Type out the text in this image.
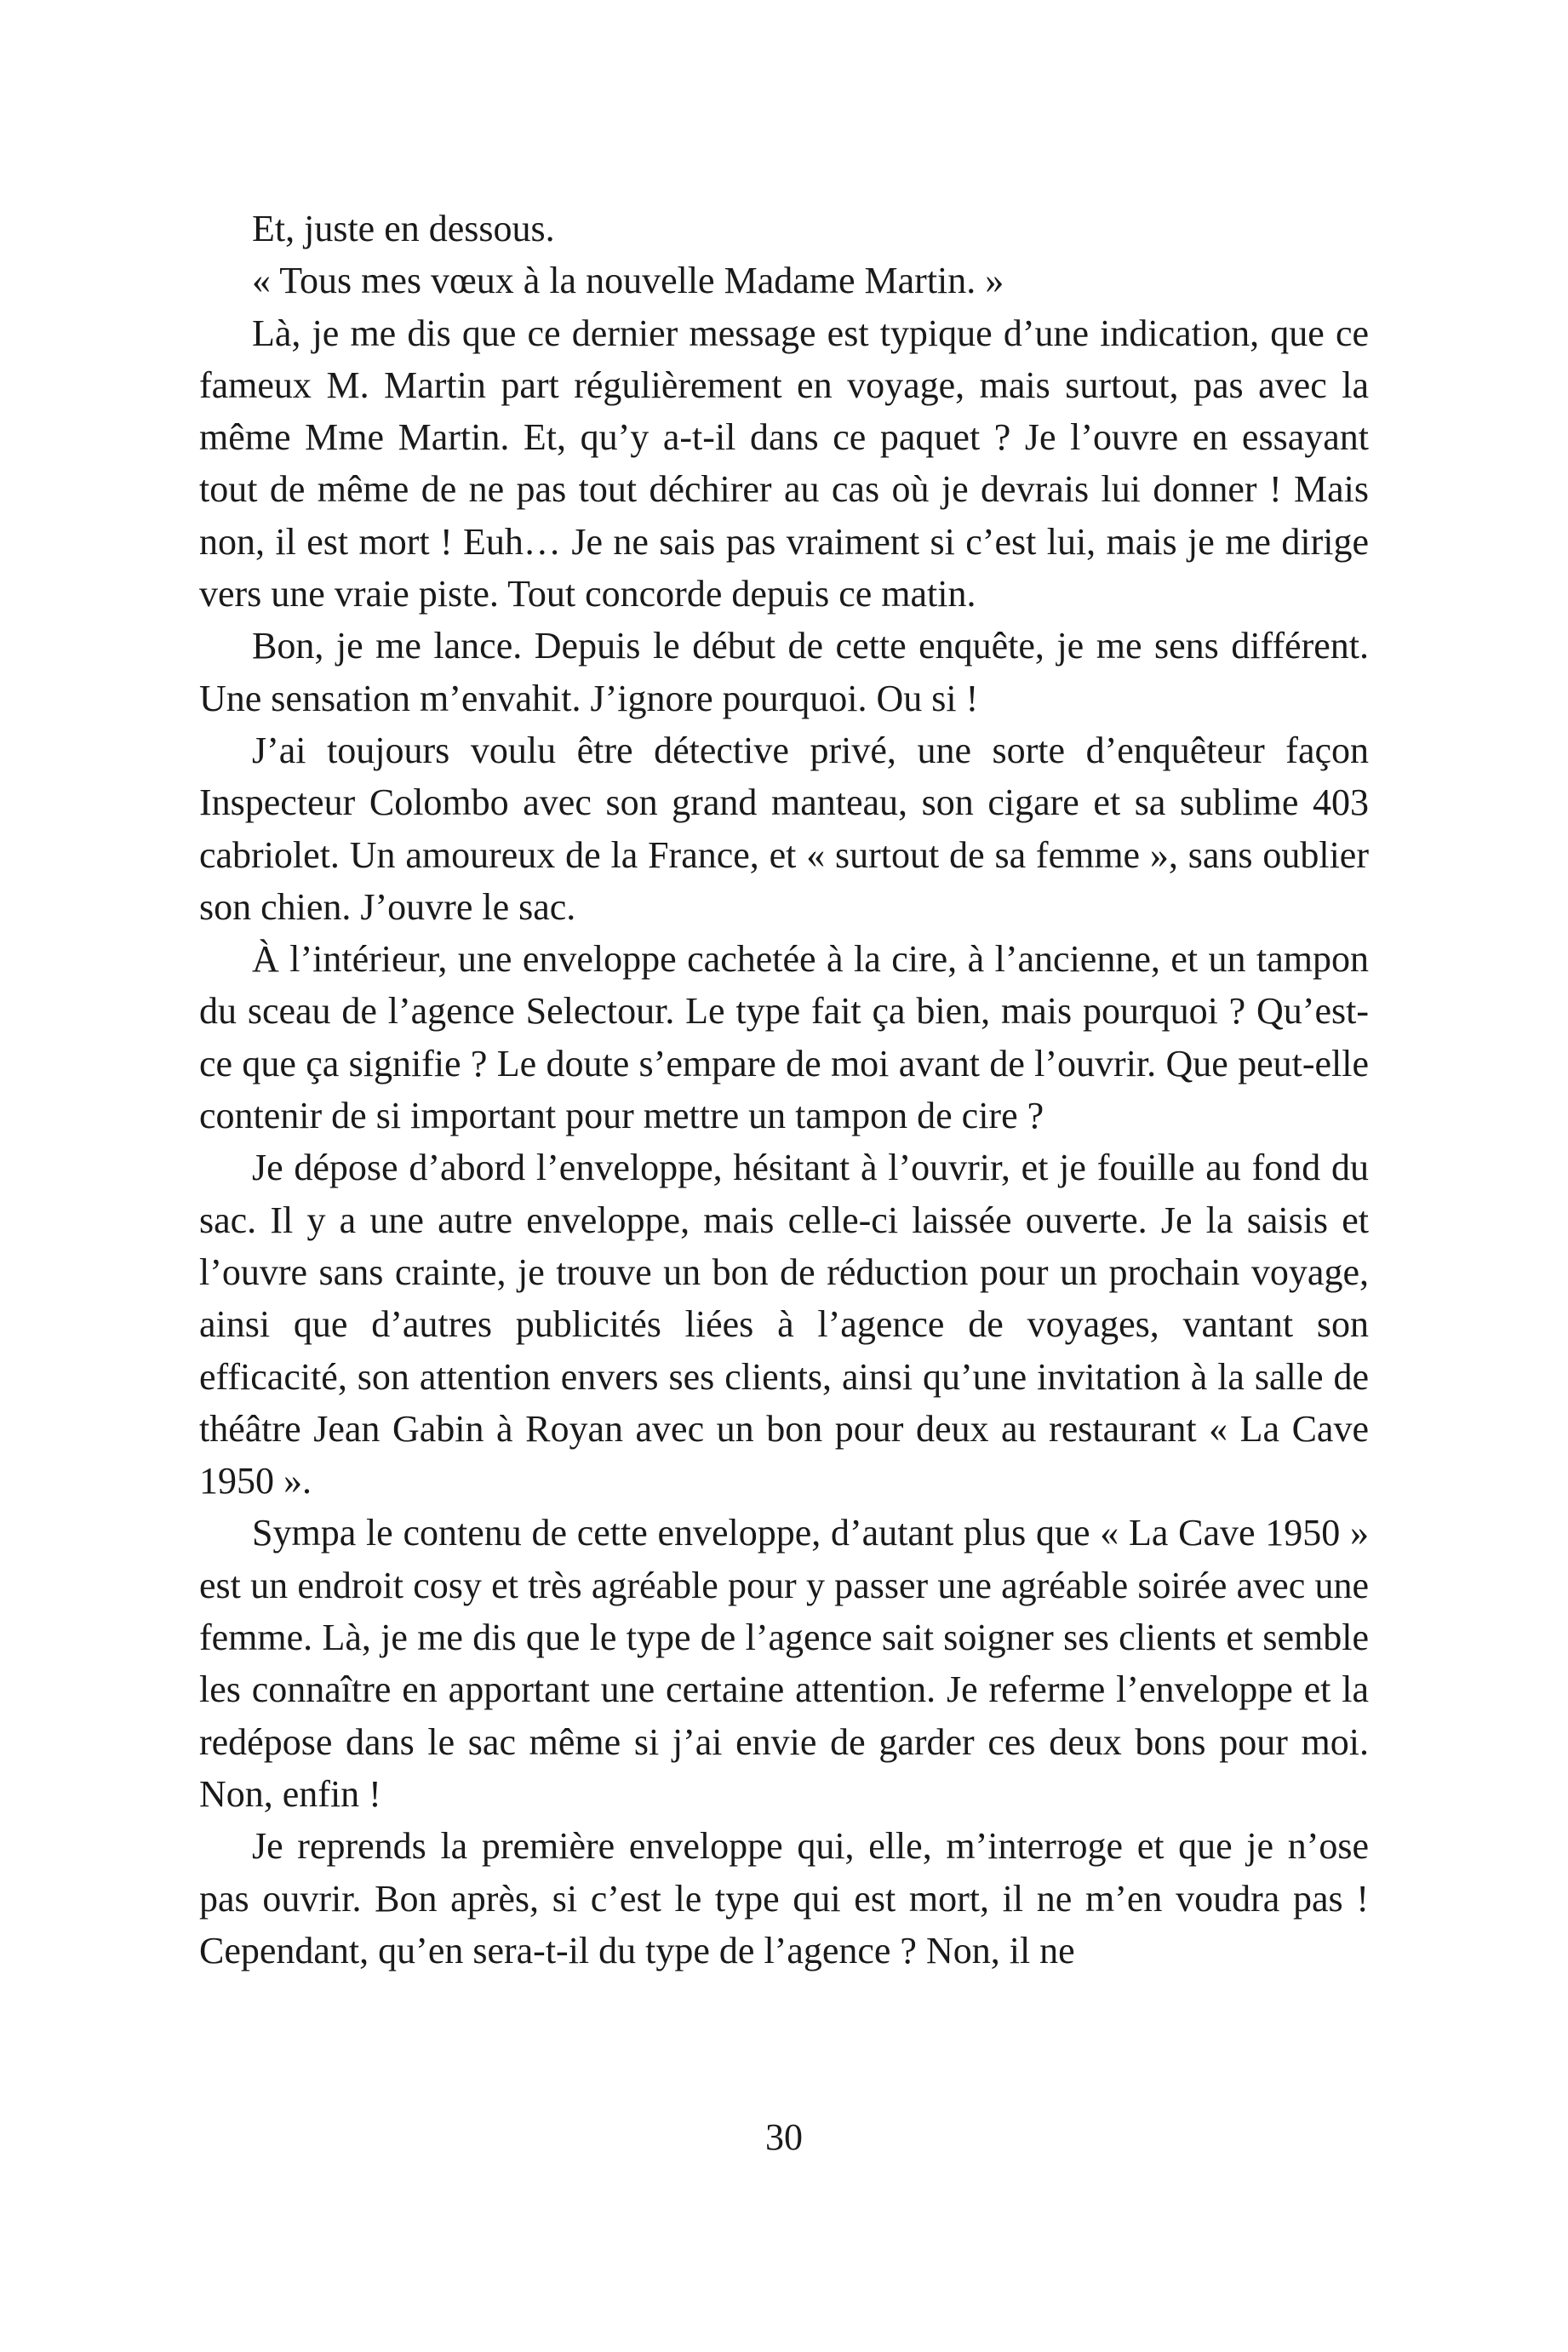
Et, juste en dessous.

« Tous mes vœux à la nouvelle Madame Martin. »

Là, je me dis que ce dernier message est typique d’une indication, que ce fameux M. Martin part régulièrement en voyage, mais surtout, pas avec la même Mme Martin. Et, qu’y a-t-il dans ce paquet ? Je l’ouvre en essayant tout de même de ne pas tout déchirer au cas où je devrais lui donner ! Mais non, il est mort ! Euh… Je ne sais pas vraiment si c’est lui, mais je me dirige vers une vraie piste. Tout concorde depuis ce matin.

Bon, je me lance. Depuis le début de cette enquête, je me sens différent. Une sensation m’envahit. J’ignore pourquoi. Ou si !

J’ai toujours voulu être détective privé, une sorte d’enquêteur façon Inspecteur Colombo avec son grand manteau, son cigare et sa sublime 403 cabriolet. Un amoureux de la France, et « surtout de sa femme », sans oublier son chien. J’ouvre le sac.

À l’intérieur, une enveloppe cachetée à la cire, à l’ancienne, et un tampon du sceau de l’agence Selectour. Le type fait ça bien, mais pourquoi ? Qu’est-ce que ça signifie ? Le doute s’empare de moi avant de l’ouvrir. Que peut-elle contenir de si important pour mettre un tampon de cire ?

Je dépose d’abord l’enveloppe, hésitant à l’ouvrir, et je fouille au fond du sac. Il y a une autre enveloppe, mais celle-ci laissée ouverte. Je la saisis et l’ouvre sans crainte, je trouve un bon de réduction pour un prochain voyage, ainsi que d’autres publicités liées à l’agence de voyages, vantant son efficacité, son attention envers ses clients, ainsi qu’une invitation à la salle de théâtre Jean Gabin à Royan avec un bon pour deux au restaurant « La Cave 1950 ».

Sympa le contenu de cette enveloppe, d’autant plus que « La Cave 1950 » est un endroit cosy et très agréable pour y passer une agréable soirée avec une femme. Là, je me dis que le type de l’agence sait soigner ses clients et semble les connaître en apportant une certaine attention. Je referme l’enveloppe et la redépose dans le sac même si j’ai envie de garder ces deux bons pour moi. Non, enfin !

Je reprends la première enveloppe qui, elle, m’interroge et que je n’ose pas ouvrir. Bon après, si c’est le type qui est mort, il ne m’en voudra pas ! Cependant, qu’en sera-t-il du type de l’agence ? Non, il ne

30
